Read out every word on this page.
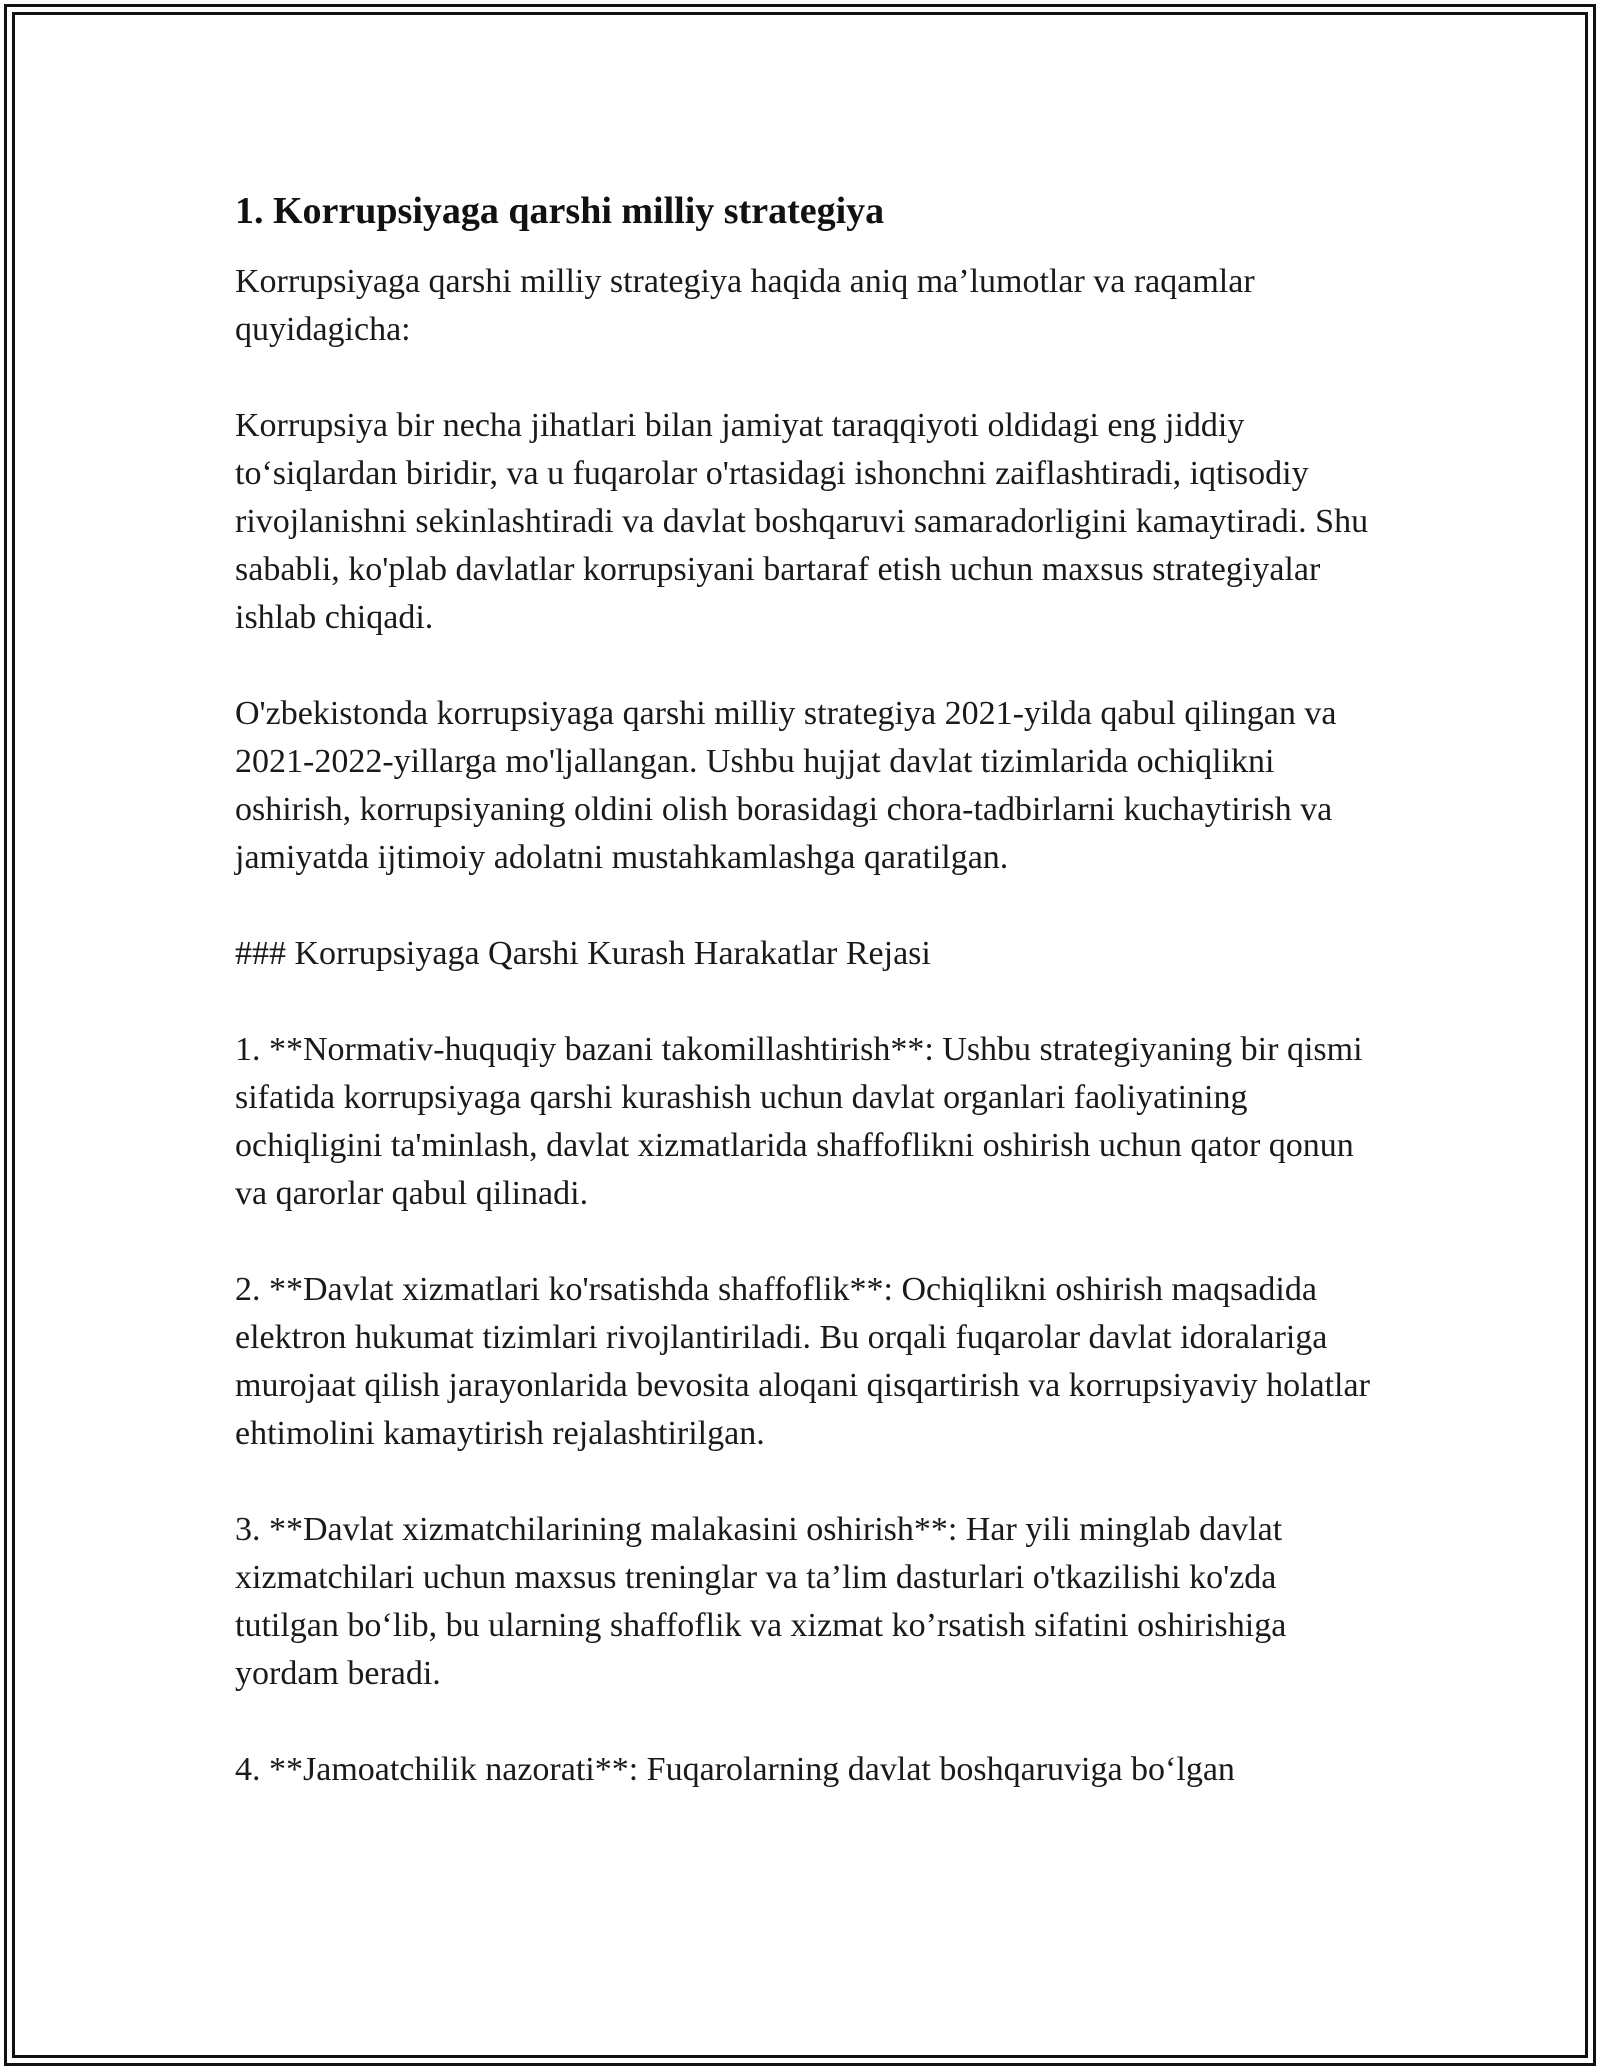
1. Korrupsiyaga qarshi milliy strategiya

Korrupsiyaga qarshi milliy strategiya haqida aniq ma’lumotlar va raqamlar quyidagicha:

Korrupsiya bir necha jihatlari bilan jamiyat taraqqiyoti oldidagi eng jiddiy to‘siqlardan biridir, va u fuqarolar o'rtasidagi ishonchni zaiflashtiradi, iqtisodiy rivojlanishni sekinlashtiradi va davlat boshqaruvi samaradorligini kamaytiradi. Shu sababli, ko'plab davlatlar korrupsiyani bartaraf etish uchun maxsus strategiyalar ishlab chiqadi.

O'zbekistonda korrupsiyaga qarshi milliy strategiya 2021-yilda qabul qilingan va 2021-2022-yillarga mo'ljallangan. Ushbu hujjat davlat tizimlarida ochiqlikni oshirish, korrupsiyaning oldini olish borasidagi chora-tadbirlarni kuchaytirish va jamiyatda ijtimoiy adolatni mustahkamlashga qaratilgan.

### Korrupsiyaga Qarshi Kurash Harakatlar Rejasi

1. **Normativ-huquqiy bazani takomillashtirish**: Ushbu strategiyaning bir qismi sifatida korrupsiyaga qarshi kurashish uchun davlat organlari faoliyatining ochiqligini ta'minlash, davlat xizmatlarida shaffoflikni oshirish uchun qator qonun va qarorlar qabul qilinadi.

2. **Davlat xizmatlari ko'rsatishda shaffoflik**: Ochiqlikni oshirish maqsadida elektron hukumat tizimlari rivojlantiriladi. Bu orqali fuqarolar davlat idoralariga murojaat qilish jarayonlarida bevosita aloqani qisqartirish va korrupsiyaviy holatlar ehtimolini kamaytirish rejalashtirilgan.

3. **Davlat xizmatchilarining malakasini oshirish**: Har yili minglab davlat xizmatchilari uchun maxsus treninglar va ta’lim dasturlari o'tkazilishi ko'zda tutilgan bo‘lib, bu ularning shaffoflik va xizmat ko’rsatish sifatini oshirishiga yordam beradi.

4. **Jamoatchilik nazorati**: Fuqarolarning davlat boshqaruviga bo‘lgan
